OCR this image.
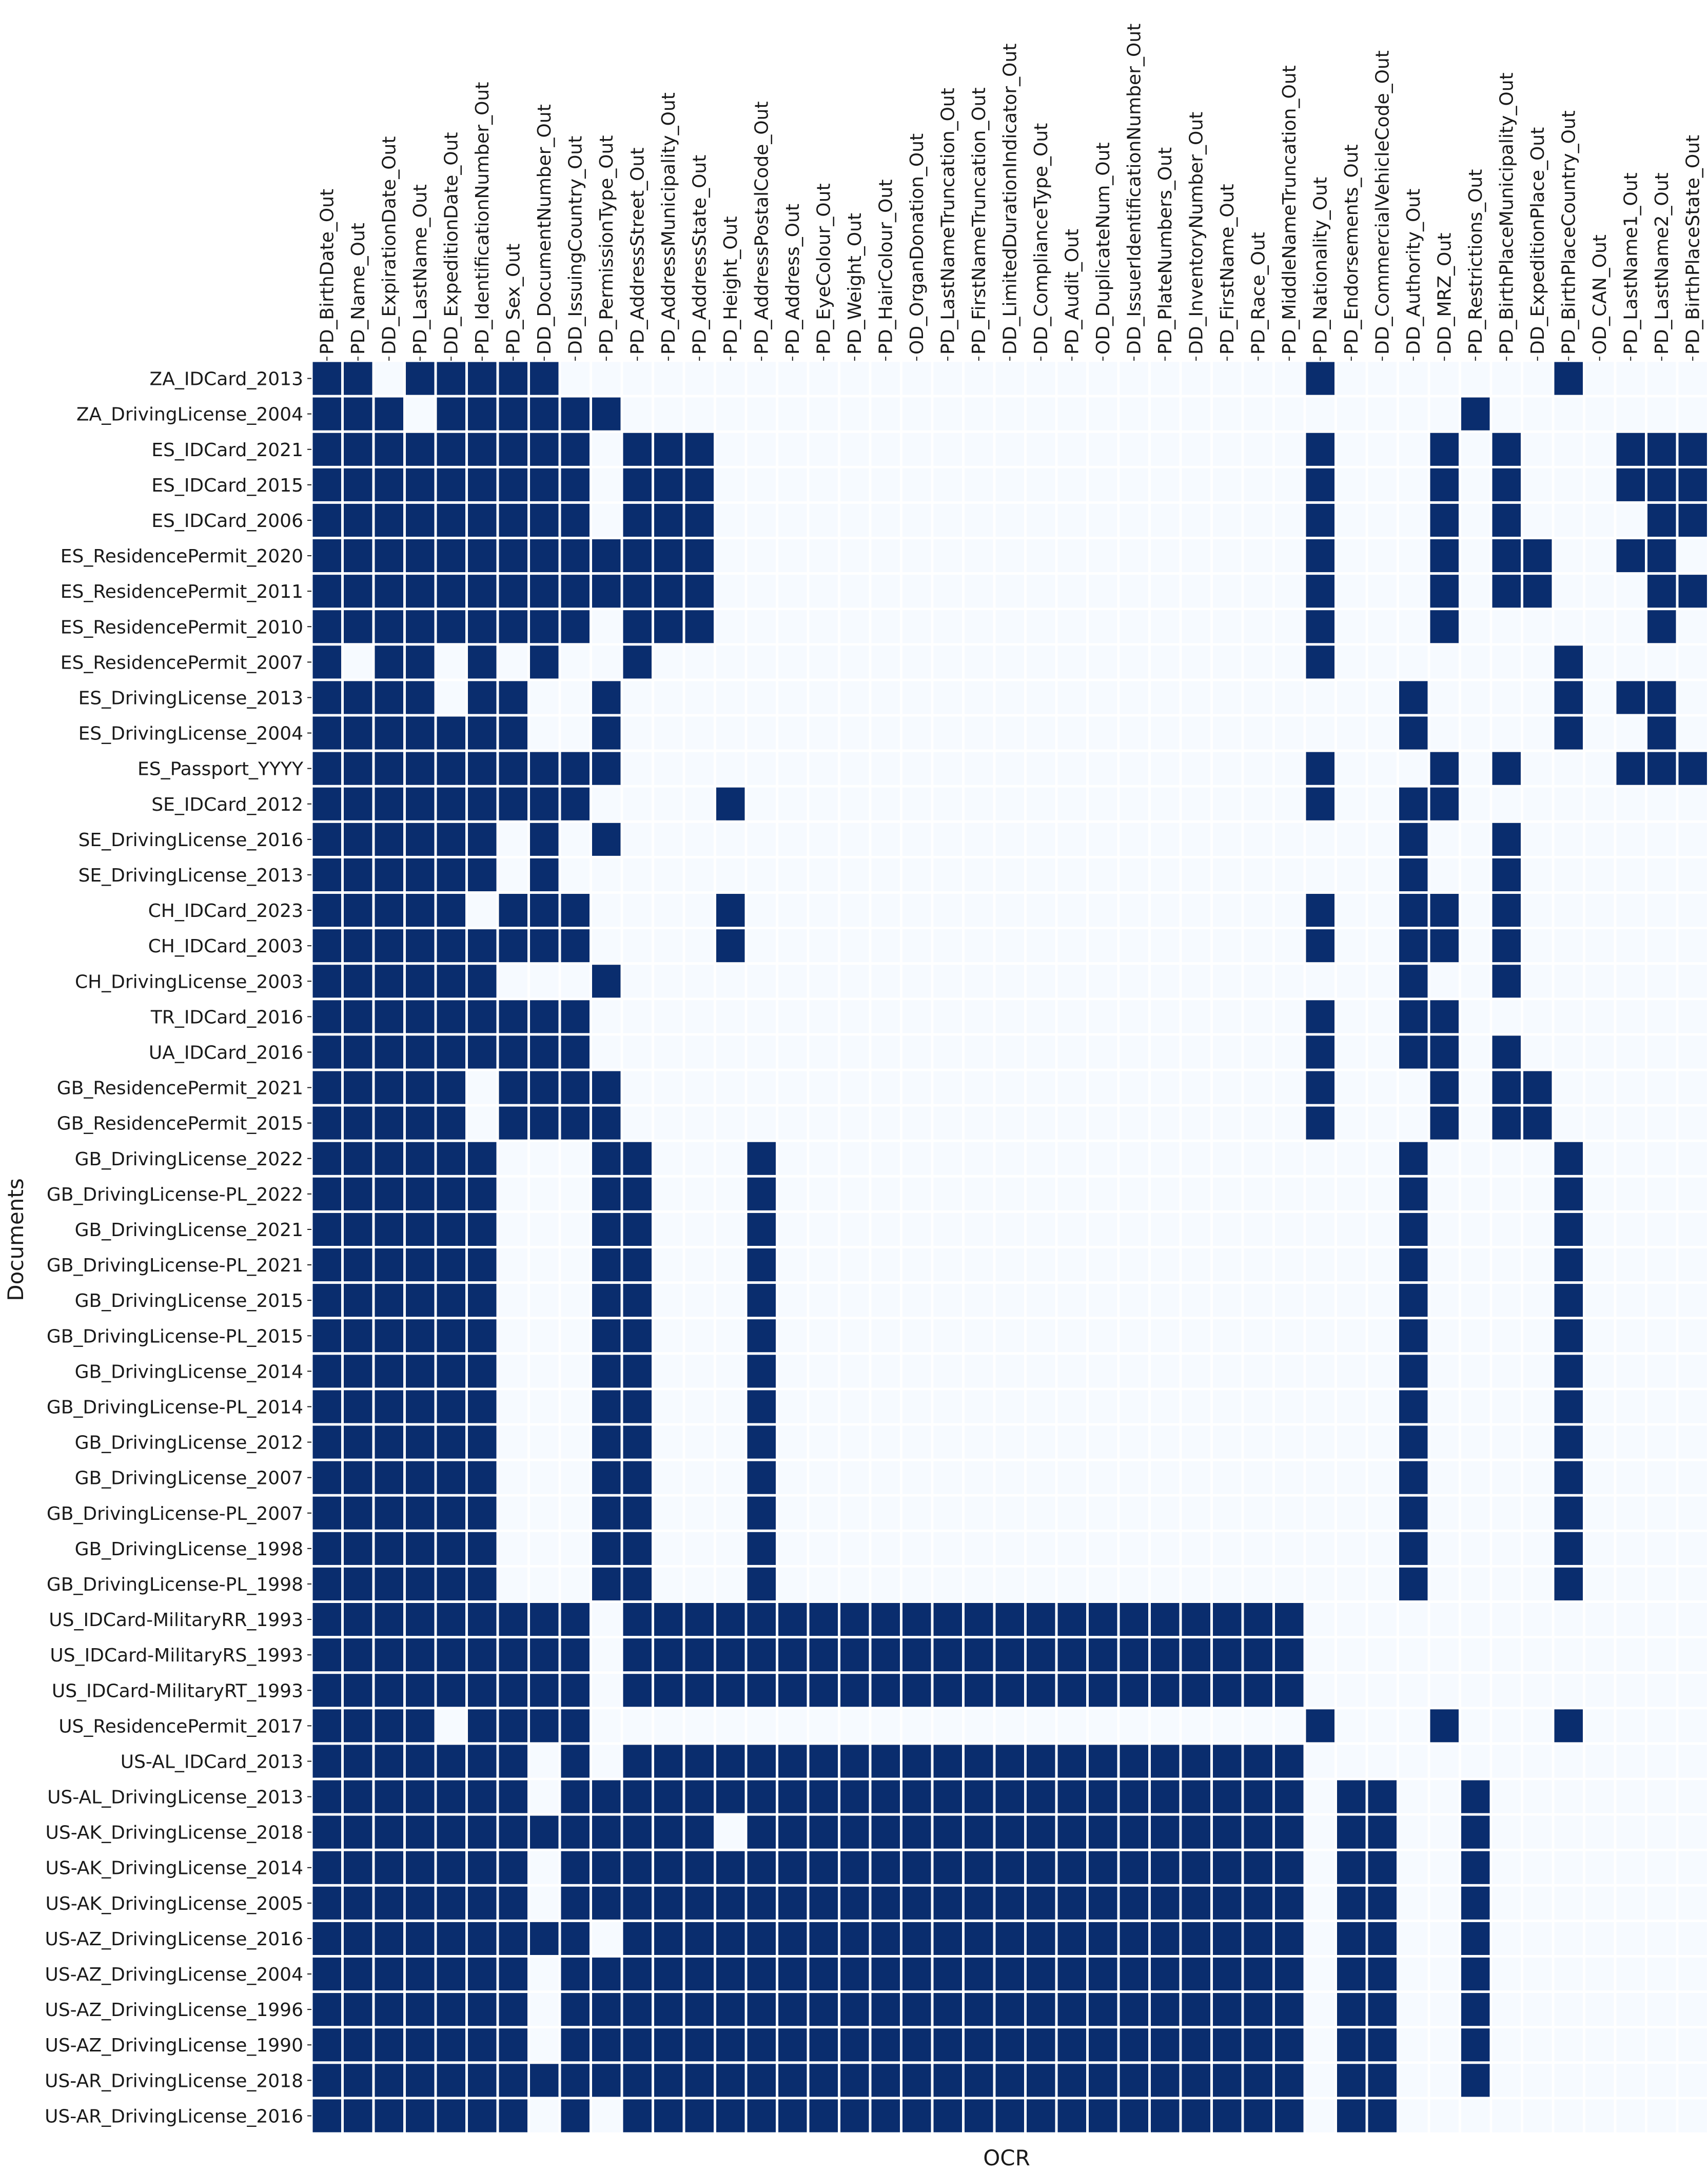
PD_BirthDate_Out PD_Name_Out DD_ExpirationDate_Out PD_LastName_Out DD_ExpeditionDate_Out PD_IdentificationNumber_Out PD_Sex_Out DD_DocumentNumber_Out DD_IssuingCountry_Out PD_PermissionType_Out PD_AddressStreet_Out PD_AddressMunicipality_Out PD_AddressState_Out PD_Height_Out PD_AddressPostalCode_Out PD_Address_Out PD_EyeColour_Out PD_Weight_Out PD_HairColour_Out OD_OrganDonation_Out PD_LastNameTruncation_Out PD_FirstNameTruncation_Out DD_LimitedDurationIndicator_Out DD_ComplianceType_Out PD_Audit_Out OD_DuplicateNum_Out DD_IssuerIdentificationNumber_Out PD_PlateNumbers_Out DD_InventoryNumber_Out PD_FirstName_Out PD_Race_Out PD_MiddleNameTruncation_Out PD_Nationality_Out PD_Endorsements_Out DD_CommercialVehicleCode_Out DD_Authority_Out DD_MRZ_Out PD_Restrictions_Out PD_BirthPlaceMunicipality_Out DD_ExpeditionPlace_Out PD_BirthPlaceCountry_Out OD_CAN_Out PD_LastName1_Out PD_LastName2_Out PD_BirthPlaceState_Out
ZA_IDCard_2013
ZA_DrivingLicense_2004
ES_IDCard_2021
ES_IDCard_2015
ES_IDCard_2006
ES_ResidencePermit_2020
ES_ResidencePermit_2011
ES_ResidencePermit_2010
ES_ResidencePermit_2007
ES_DrivingLicense_2013
ES_DrivingLicense_2004
ES_Passport_YYYY
SE_IDCard_2012
SE_DrivingLicense_2016
SE_DrivingLicense_2013
CH_IDCard_2023
CH_IDCard_2003
CH_DrivingLicense_2003
TR_IDCard_2016
UA_IDCard_2016
GB_ResidencePermit_2021
GB_ResidencePermit_2015
GB_DrivingLicense_2022
GB_DrivingLicense-PL_2022
GB_DrivingLicense_2021
GB_DrivingLicense-PL_2021
GB_DrivingLicense_2015
GB_DrivingLicense-PL_2015
GB_DrivingLicense_2014
GB_DrivingLicense-PL_2014
GB_DrivingLicense_2012
GB_DrivingLicense_2007
GB_DrivingLicense-PL_2007
GB_DrivingLicense_1998
GB_DrivingLicense-PL_1998
US_IDCard-MilitaryRR_1993
US_IDCard-MilitaryRS_1993
US_IDCard-MilitaryRT_1993
US_ResidencePermit_2017
US-AL_IDCard_2013
US-AL_DrivingLicense_2013
US-AK_DrivingLicense_2018
US-AK_DrivingLicense_2014
US-AK_DrivingLicense_2005
US-AZ_DrivingLicense_2016
US-AZ_DrivingLicense_2004
US-AZ_DrivingLicense_1996
US-AZ_DrivingLicense_1990
US-AR_DrivingLicense_2018
US-AR_DrivingLicense_2016
OCR
Documents
